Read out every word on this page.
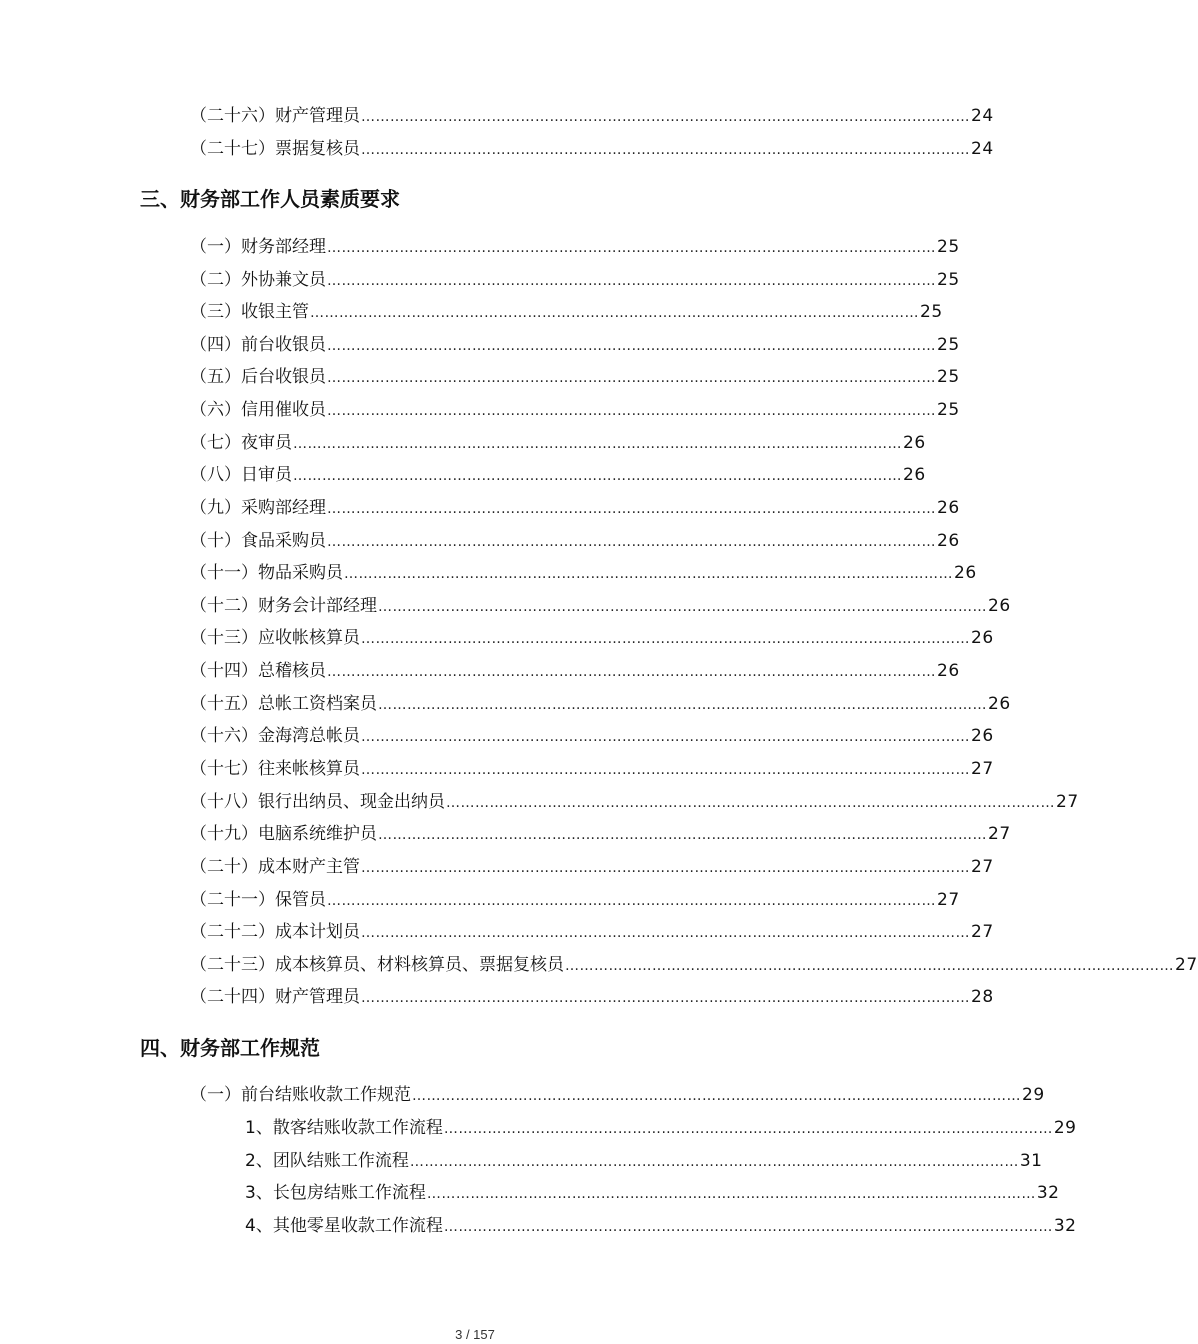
（二十六）财产管理员 ……………………………………………………………………………………………………………… 24
（二十七）票据复核员 ……………………………………………………………………………………………………………… 24
三、财务部工作人员素质要求
（一）财务部经理 ……………………………………………………………………………………………………………… 25
（二）外协兼文员 ……………………………………………………………………………………………………………… 25
（三）收银主管 ……………………………………………………………………………………………………………… 25
（四）前台收银员 ……………………………………………………………………………………………………………… 25
（五）后台收银员 ……………………………………………………………………………………………………………… 25
（六）信用催收员 ……………………………………………………………………………………………………………… 25
（七）夜审员 ……………………………………………………………………………………………………………… 26
（八）日审员 ……………………………………………………………………………………………………………… 26
（九）采购部经理 ……………………………………………………………………………………………………………… 26
（十）食品采购员 ……………………………………………………………………………………………………………… 26
（十一）物品采购员 ……………………………………………………………………………………………………………… 26
（十二）财务会计部经理 ……………………………………………………………………………………………………………… 26
（十三）应收帐核算员 ……………………………………………………………………………………………………………… 26
（十四）总稽核员 ……………………………………………………………………………………………………………… 26
（十五）总帐工资档案员 ……………………………………………………………………………………………………………… 26
（十六）金海湾总帐员 ……………………………………………………………………………………………………………… 26
（十七）往来帐核算员 ……………………………………………………………………………………………………………… 27
（十八）银行出纳员、现金出纳员 ……………………………………………………………………………………………………………… 27
（十九）电脑系统维护员 ……………………………………………………………………………………………………………… 27
（二十）成本财产主管 ……………………………………………………………………………………………………………… 27
（二十一）保管员 ……………………………………………………………………………………………………………… 27
（二十二）成本计划员 ……………………………………………………………………………………………………………… 27
（二十三）成本核算员、材料核算员、票据复核员 ……………………………………………………………………………………………………………… 27
（二十四）财产管理员 ……………………………………………………………………………………………………………… 28
四、财务部工作规范
（一）前台结账收款工作规范 ……………………………………………………………………………………………………………… 29
1、散客结账收款工作流程 ……………………………………………………………………………………………………………… 29
2、团队结账工作流程 ……………………………………………………………………………………………………………… 31
3、长包房结账工作流程 ……………………………………………………………………………………………………………… 32
4、其他零星收款工作流程 ……………………………………………………………………………………………………………… 32
3 / 157
